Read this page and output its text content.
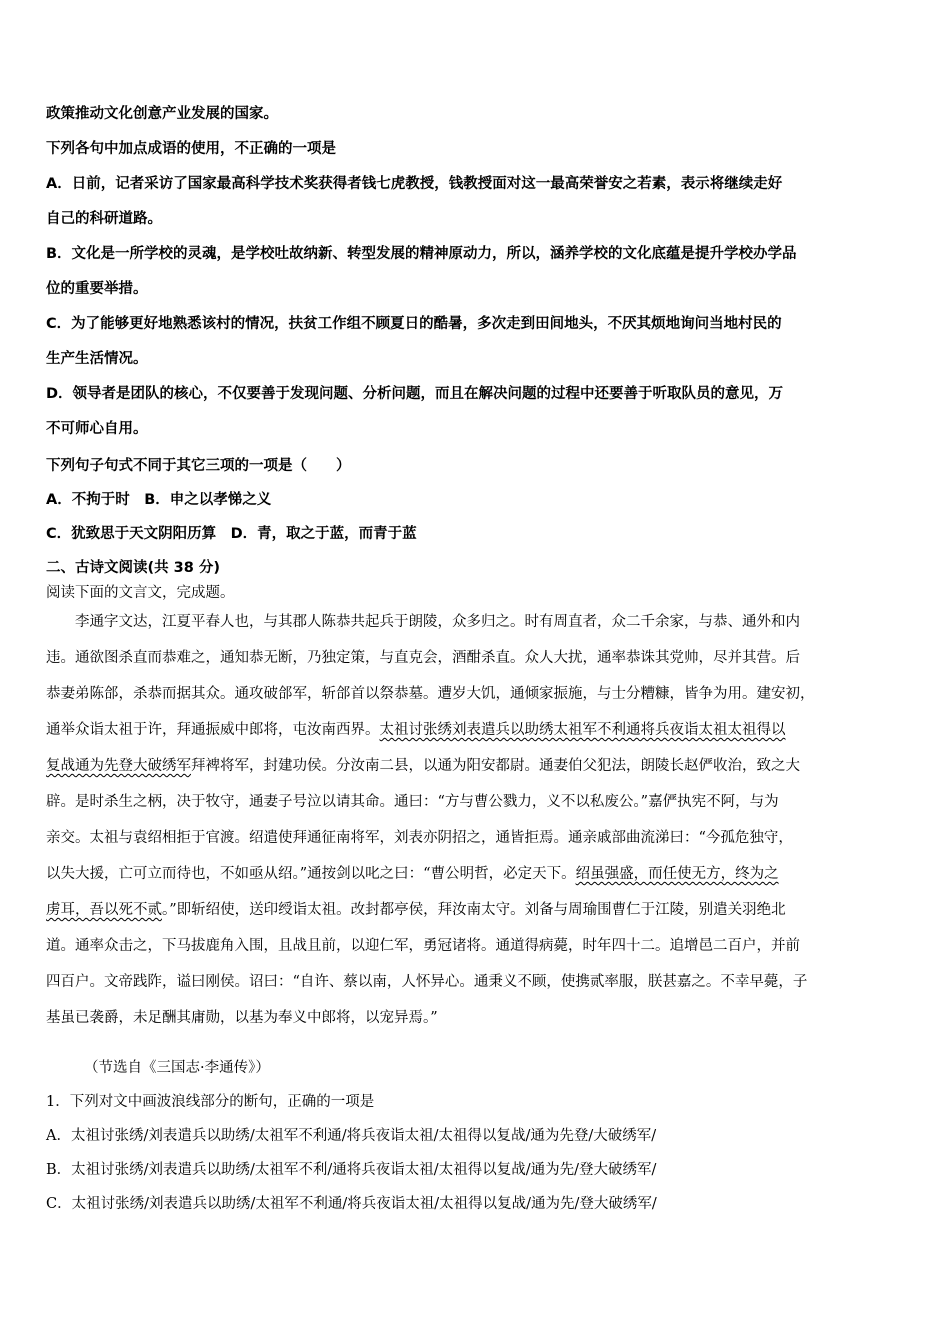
政策推动文化创意产业发展的国家。
下列各句中加点成语的使用，不正确的一项是
A．日前，记者采访了国家最高科学技术奖获得者钱七虎教授，钱教授面对这一最高荣誉安之若素，表示将继续走好
自己的科研道路。
B．文化是一所学校的灵魂，是学校吐故纳新、转型发展的精神原动力，所以，涵养学校的文化底蕴是提升学校办学品
位的重要举措。
C．为了能够更好地熟悉该村的情况，扶贫工作组不顾夏日的酷暑，多次走到田间地头，不厌其烦地询问当地村民的
生产生活情况。
D．领导者是团队的核心，不仅要善于发现问题、分析问题，而且在解决问题的过程中还要善于听取队员的意见，万
不可师心自用。
下列句子句式不同于其它三项的一项是（　　）
A．不拘于时　B．申之以孝悌之义
C．犹致思于天文阴阳历算　D．青，取之于蓝，而青于蓝
二、古诗文阅读(共 38 分)
阅读下面的文言文，完成题。
　　李通字文达，江夏平春人也，与其郡人陈恭共起兵于朗陵，众多归之。时有周直者，众二千余家，与恭、通外和内
违。通欲图杀直而恭难之，通知恭无断，乃独定策，与直克会，酒酣杀直。众人大扰，通率恭诛其党帅，尽并其营。后
恭妻弟陈郃，杀恭而据其众。通攻破郃军，斩郃首以祭恭墓。遭岁大饥，通倾家振施，与士分糟糠，皆争为用。建安初，
通举众诣太祖于许，拜通振威中郎将，屯汝南西界。太祖讨张绣刘表遣兵以助绣太祖军不利通将兵夜诣太祖太祖得以
复战通为先登大破绣军拜裨将军，封建功侯。分汝南二县，以通为阳安都尉。通妻伯父犯法，朗陵长赵俨收治，致之大
辟。是时杀生之柄，决于牧守，通妻子号泣以请其命。通曰：“方与曹公戮力，义不以私废公。”嘉俨执宪不阿，与为
亲交。太祖与袁绍相拒于官渡。绍遣使拜通征南将军，刘表亦阴招之，通皆拒焉。通亲戚部曲流涕曰：“今孤危独守，
以失大援，亡可立而待也，不如亟从绍。”通按剑以叱之曰：“曹公明哲，必定天下。绍虽强盛，而任使无方，终为之
虏耳，吾以死不贰。”即斩绍使，送印绶诣太祖。改封都亭侯，拜汝南太守。刘备与周瑜围曹仁于江陵，别遣关羽绝北
道。通率众击之，下马拔鹿角入围，且战且前，以迎仁军，勇冠诸将。通道得病薨，时年四十二。追增邑二百户，并前
四百户。文帝践阼，谥曰刚侯。诏曰：“自许、蔡以南，人怀异心。通秉义不顾，使携贰率服，朕甚嘉之。不幸早薨，子
基虽已袭爵，未足酬其庸勋，以基为奉义中郎将，以宠异焉。”
（节选自《三国志·李通传》）
1．下列对文中画波浪线部分的断句，正确的一项是
A．太祖讨张绣/刘表遣兵以助绣/太祖军不利通/将兵夜诣太祖/太祖得以复战/通为先登/大破绣军/
B．太祖讨张绣/刘表遣兵以助绣/太祖军不利/通将兵夜诣太祖/太祖得以复战/通为先/登大破绣军/
C．太祖讨张绣/刘表遣兵以助绣/太祖军不利通/将兵夜诣太祖/太祖得以复战/通为先/登大破绣军/
